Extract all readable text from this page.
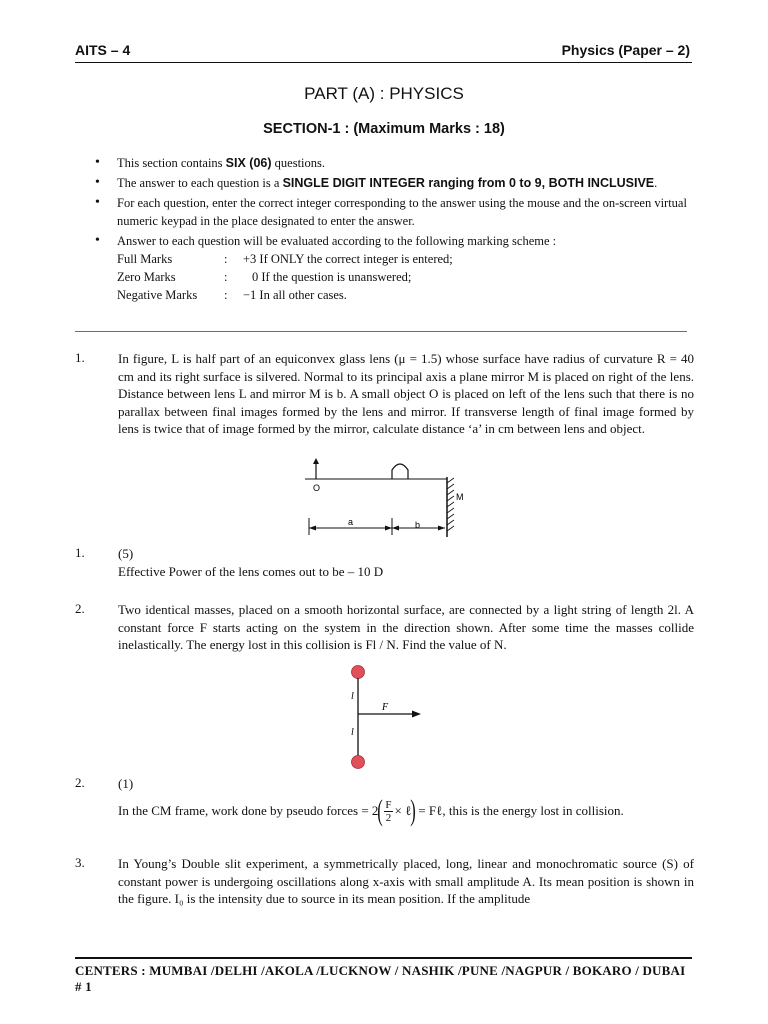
AITS – 4	Physics (Paper – 2)
PART (A) : PHYSICS
SECTION-1 : (Maximum Marks : 18)
• This section contains SIX (06) questions.
• The answer to each question is a SINGLE DIGIT INTEGER ranging from 0 to 9, BOTH INCLUSIVE.
• For each question, enter the correct integer corresponding to the answer using the mouse and the on-screen virtual numeric keypad in the place designated to enter the answer.
• Answer to each question will be evaluated according to the following marking scheme :
Full Marks	: +3 If ONLY the correct integer is entered;
Zero Marks	:	0 If the question is unanswered;
Negative Marks : −1 In all other cases.
1.	In figure, L is half part of an equiconvex glass lens (μ = 1.5) whose surface have radius of curvature R = 40 cm and its right surface is silvered. Normal to its principal axis a plane mirror M is placed on right of the lens. Distance between lens L and mirror M is b. A small object O is placed on left of the lens such that there is no parallax between final images formed by the lens and mirror. If transverse length of final image formed by lens is twice that of image formed by the mirror, calculate distance ‘a’ in cm between lens and object.
O
M
a	b
1.	(5)
Effective Power of the lens comes out to be – 10 D
2.	Two identical masses, placed on a smooth horizontal surface, are connected by a light string of length 2l. A constant force F starts acting on the system in the direction shown. After some time the masses collide inelastically. The energy lost in this collision is Fl / N. Find the value of N.
F
l
l
2.	(1)
In the CM frame, work done by pseudo forces = 2 ( $\frac{F}{2}$ × ℓ ) = Fℓ , this is the energy lost in collision.
3.	In Young’s Double slit experiment, a symmetrically placed, long, linear and monochromatic source (S) of constant power is undergoing oscillations along x-axis with small amplitude A. Its mean position is shown in the figure. I₀ is the intensity due to source in its mean position. If the amplitude
CENTERS : MUMBAI /DELHI /AKOLA /LUCKNOW / NASHIK /PUNE /NAGPUR / BOKARO / DUBAI # 1
